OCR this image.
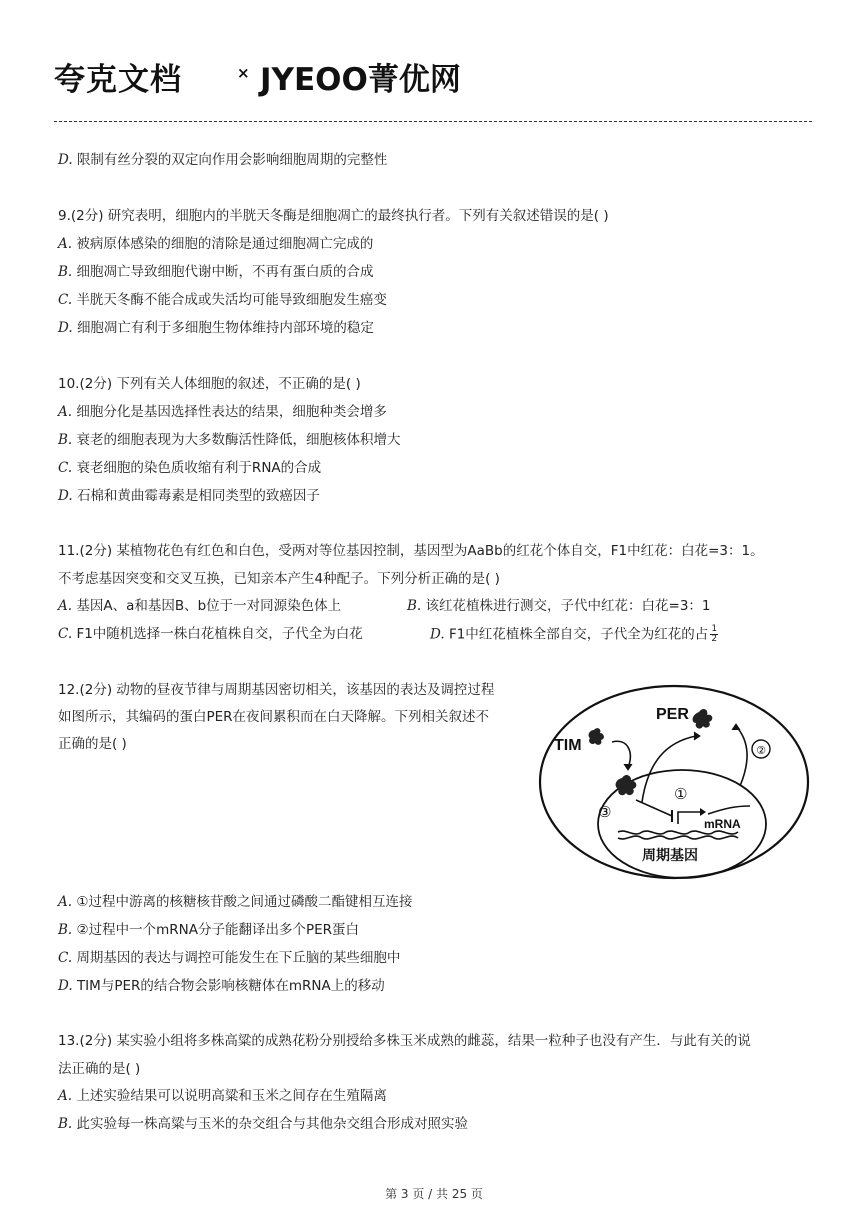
夸克文档	× JYEOO菁优网
D. 限制有丝分裂的双定向作用会影响细胞周期的完整性
9.(2分) 研究表明，细胞内的半胱天冬酶是细胞凋亡的最终执行者。下列有关叙述错误的是( )
A. 被病原体感染的细胞的清除是通过细胞凋亡完成的
B. 细胞凋亡导致细胞代谢中断，不再有蛋白质的合成
C. 半胱天冬酶不能合成或失活均可能导致细胞发生癌变
D. 细胞凋亡有利于多细胞生物体维持内部环境的稳定
10.(2分) 下列有关人体细胞的叙述，不正确的是( )
A. 细胞分化是基因选择性表达的结果，细胞种类会增多
B. 衰老的细胞表现为大多数酶活性降低，细胞核体积增大
C. 衰老细胞的染色质收缩有利于RNA的合成
D. 石棉和黄曲霉毒素是相同类型的致癌因子
11.(2分) 某植物花色有红色和白色，受两对等位基因控制，基因型为AaBb的红花个体自交，F1中红花：白花=3：1。
不考虑基因突变和交叉互换，已知亲本产生4种配子。下列分析正确的是( )
A. 基因A、a和基因B、b位于一对同源染色体上	B. 该红花植株进行测交，子代中红花：白花=3：1
C. F1中随机选择一株白花植株自交，子代全为白花	D. F1中红花植株全部自交，子代全为红花的占 $\frac{1}{2}$
12.(2分) 动物的昼夜节律与周期基因密切相关，该基因的表达及调控过程
如图所示，其编码的蛋白PER在夜间累积而在白天降解。下列相关叙述不
正确的是( )
PER
TIM	②
③
①
mRNA
周期基因
A. ①过程中游离的核糖核苷酸之间通过磷酸二酯键相互连接
B. ②过程中一个mRNA分子能翻译出多个PER蛋白
C. 周期基因的表达与调控可能发生在下丘脑的某些细胞中
D. TIM与PER的结合物会影响核糖体在mRNA上的移动
13.(2分) 某实验小组将多株高粱的成熟花粉分别授给多株玉米成熟的雌蕊，结果一粒种子也没有产生．与此有关的说
法正确的是( )
A. 上述实验结果可以说明高粱和玉米之间存在生殖隔离
B. 此实验每一株高粱与玉米的杂交组合与其他杂交组合形成对照实验
第 3 页 / 共 25 页
